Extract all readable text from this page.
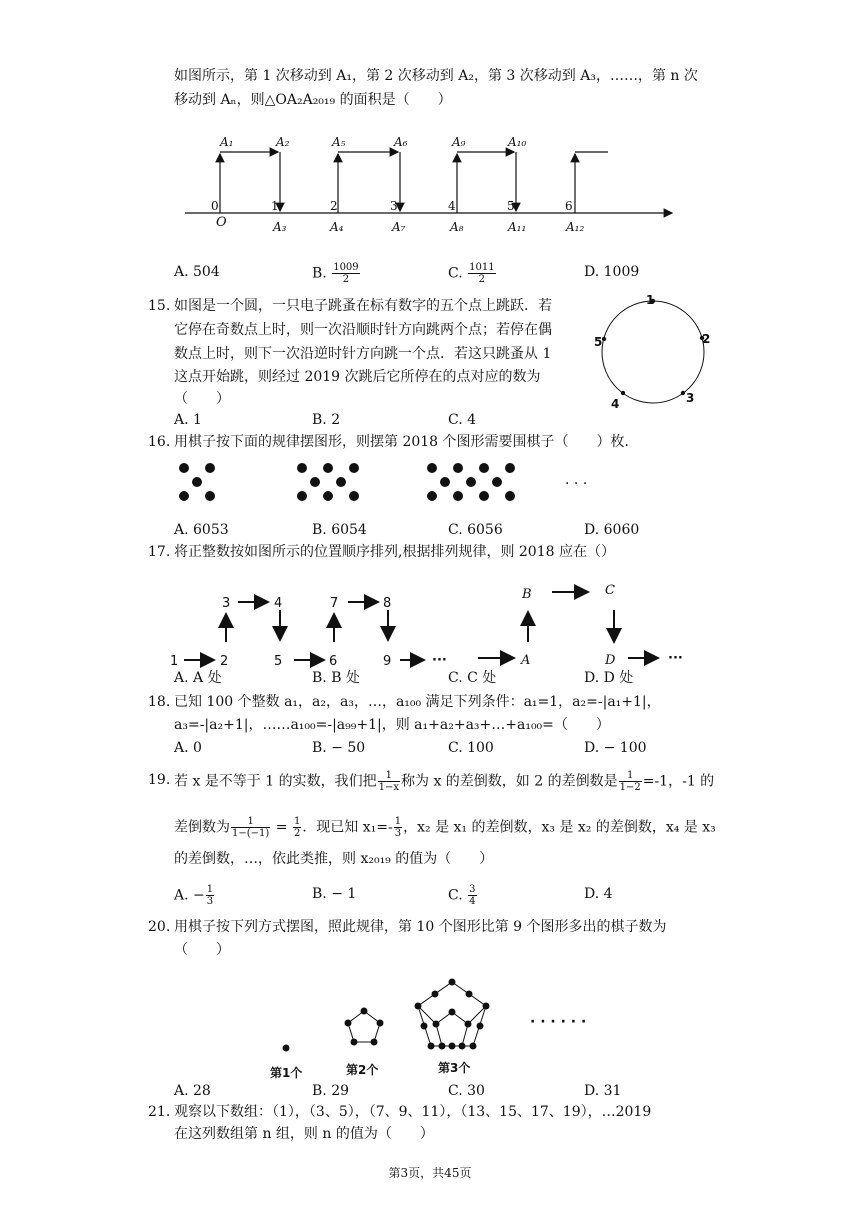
如图所示，第 1 次移动到 A₁，第 2 次移动到 A₂，第 3 次移动到 A₃，……，第 n 次
移动到 Aₙ，则△OA₂A₂₀₁₉ 的面积是（　　）
A₁	A₂	A₅	A₆	A₉	A₁₀
A₃	A₄	A₇	A₈	A₁₁	A₁₂
O
0	1	2	3	4	5	6
A. 504	B. $\frac{1009}{2}$	C. $\frac{1011}{2}$	D. 1009
15. 如图是一个圆，一只电子跳蚤在标有数字的五个点上跳跃．若
它停在奇数点上时，则一次沿顺时针方向跳两个点；若停在偶
数点上时，则下一次沿逆时针方向跳一个点．若这只跳蚤从 1
这点开始跳，则经过 2019 次跳后它所停在的点对应的数为
（　　）
1
2
3
4
5
A. 1	B. 2	C. 4
16. 用棋子按下面的规律摆图形，则摆第 2018 个图形需要围棋子（　　）枚．
· · ·
A. 6053	B. 6054	C. 6056	D. 6060
17. 将正整数按如图所示的位置顺序排列,根据排列规律，则 2018 应在（）
1	2
3	4
5	6
7	8
9	···	···
A
B	C
D
A. A 处	B. B 处	C. C 处	D. D 处
18. 已知 100 个整数 a₁，a₂，a₃，…，a₁₀₀ 满足下列条件：a₁=1，a₂=-|a₁+1|，
a₃=-|a₂+1|，……a₁₀₀=-|a₉₉+1|，则 a₁+a₂+a₃+…+a₁₀₀=（　　）
A. 0	B. − 50	C. 100	D. − 100
19. 若 x 是不等于 1 的实数，我们把 $\frac{1}{1-x}$ 称为 x 的差倒数，如 2 的差倒数是 $\frac{1}{1-2} =-1$，-1 的
差倒数为 $\frac{1}{1-(-1)} = \frac{1}{2}$ ．现已知 $x_1=- \frac{1}{3}$ ，x₂ 是 x₁ 的差倒数，x₃ 是 x₂ 的差倒数，x₄ 是 x₃
的差倒数，…，依此类推，则 x₂₀₁₉ 的值为（　　）
A. − $\frac{1}{3}$	B. − 1	C. $\frac{3}{4}$	D. 4
20. 用棋子按下列方式摆图，照此规律，第 10 个图形比第 9 个图形多出的棋子数为
（　　）
· · · · · ·
第1个	第2个	第3个
A. 28	B. 29	C. 30	D. 31
21. 观察以下数组：（1），（3、5），（7、9、11），（13、15、17、19），…2019
在这列数组第 n 组，则 n 的值为（　　）
第3页，共45页
